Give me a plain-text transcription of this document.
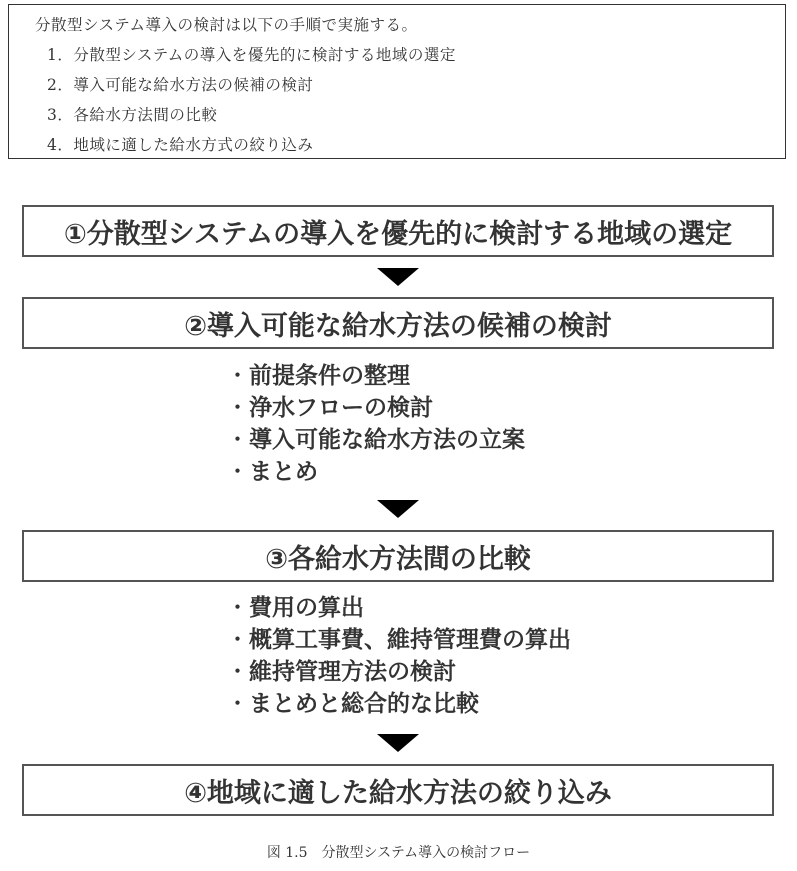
分散型システム導入の検討は以下の手順で実施する。
1．分散型システムの導入を優先的に検討する地域の選定
2．導入可能な給水方法の候補の検討
3．各給水方法間の比較
4．地域に適した給水方式の絞り込み
①分散型システムの導入を優先的に検討する地域の選定
②導入可能な給水方法の候補の検討
・ 前提条件の整理
・ 浄水フローの検討
・ 導入可能な給水方法の立案
・ まとめ
③各給水方法間の比較
・ 費用の算出
・ 概算工事費、維持管理費の算出
・ 維持管理方法の検討
・ まとめと総合的な比較
④地域に適した給水方法の絞り込み
図 1.5　分散型システム導入の検討フロー
